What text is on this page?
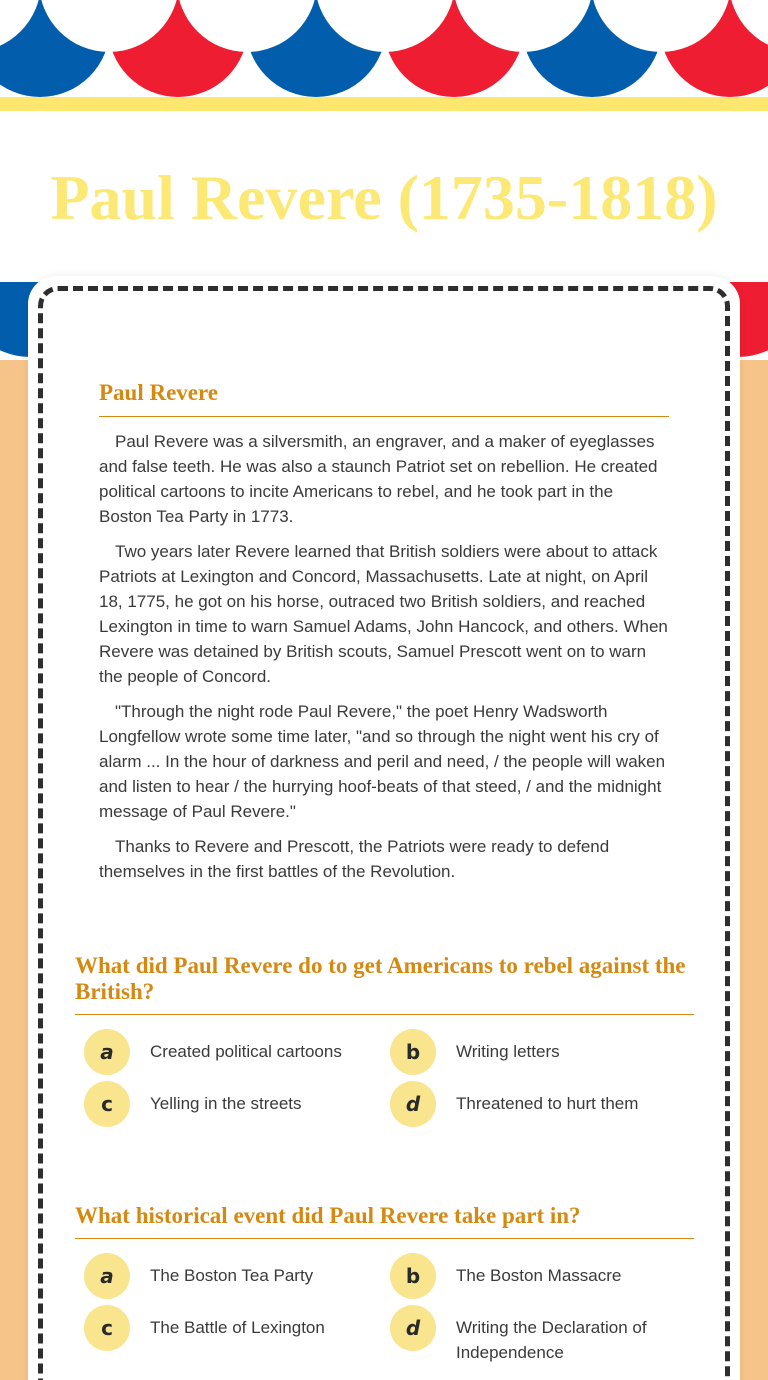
Paul Revere (1735-1818)
Paul Revere

Paul Revere was a silversmith, an engraver, and a maker of eyeglasses and false teeth. He was also a staunch Patriot set on rebellion. He created political cartoons to incite Americans to rebel, and he took part in the Boston Tea Party in 1773.

Two years later Revere learned that British soldiers were about to attack Patriots at Lexington and Concord, Massachusetts. Late at night, on April 18, 1775, he got on his horse, outraced two British soldiers, and reached Lexington in time to warn Samuel Adams, John Hancock, and others. When Revere was detained by British scouts, Samuel Prescott went on to warn the people of Concord.

"Through the night rode Paul Revere," the poet Henry Wadsworth Longfellow wrote some time later, "and so through the night went his cry of alarm ... In the hour of darkness and peril and need, / the people will waken and listen to hear / the hurrying hoof-beats of that steed, / and the midnight message of Paul Revere."

Thanks to Revere and Prescott, the Patriots were ready to defend themselves in the first battles of the Revolution.

What did Paul Revere do to get Americans to rebel against the British?
a	Created political cartoons	b	Writing letters
c	Yelling in the streets	d	Threatened to hurt them
What historical event did Paul Revere take part in?
a	The Boston Tea Party	b	The Boston Massacre
c	The Battle of Lexington	d	Writing the Declaration of Independence
